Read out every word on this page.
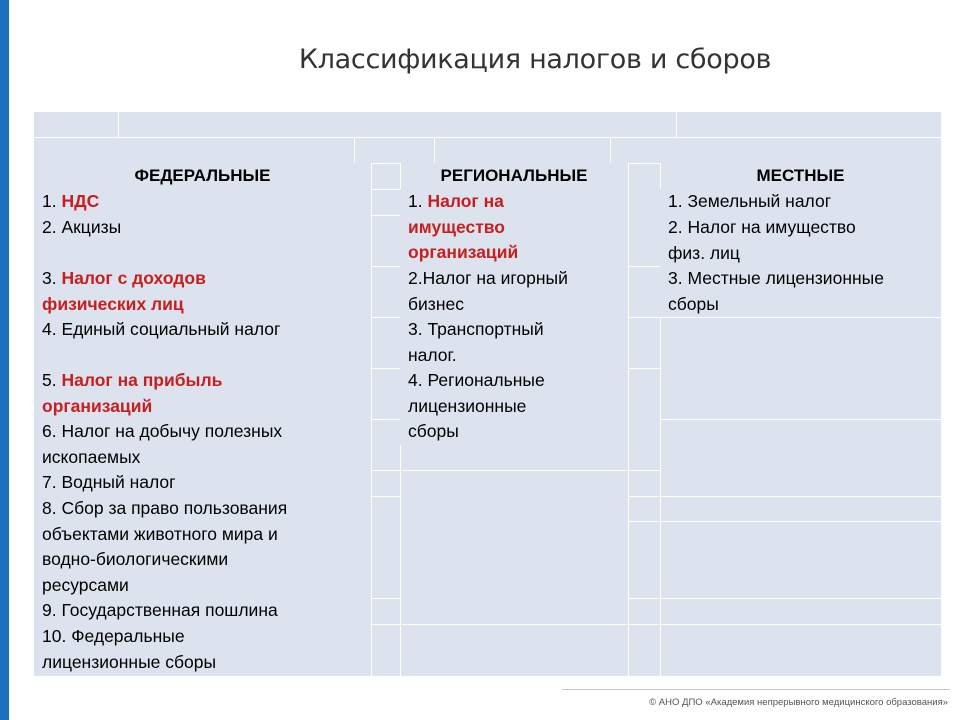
Классификация налогов и сборов
ФЕДЕРАЛЬНЫЕ	РЕГИОНАЛЬНЫЕ	МЕСТНЫЕ
1. НДС
2. Акцизы
3. Налог с доходов
физических лиц
4. Единый социальный налог
5. Налог на прибыль
организаций
6. Налог на добычу полезных
ископаемых
7. Водный налог
8. Сбор за право пользования
объектами животного мира и
водно-биологическими
ресурсами
9. Государственная пошлина
10. Федеральные
лицензионные сборы
1. Налог на
имущество
организаций
2.Налог на игорный
бизнес
3. Транспортный
налог.
4. Региональные
лицензионные
сборы
1. Земельный налог
2. Налог на имущество
физ. лиц
3. Местные лицензионные
сборы
© АНО ДПО «Академия непрерывного медицинского образования»
